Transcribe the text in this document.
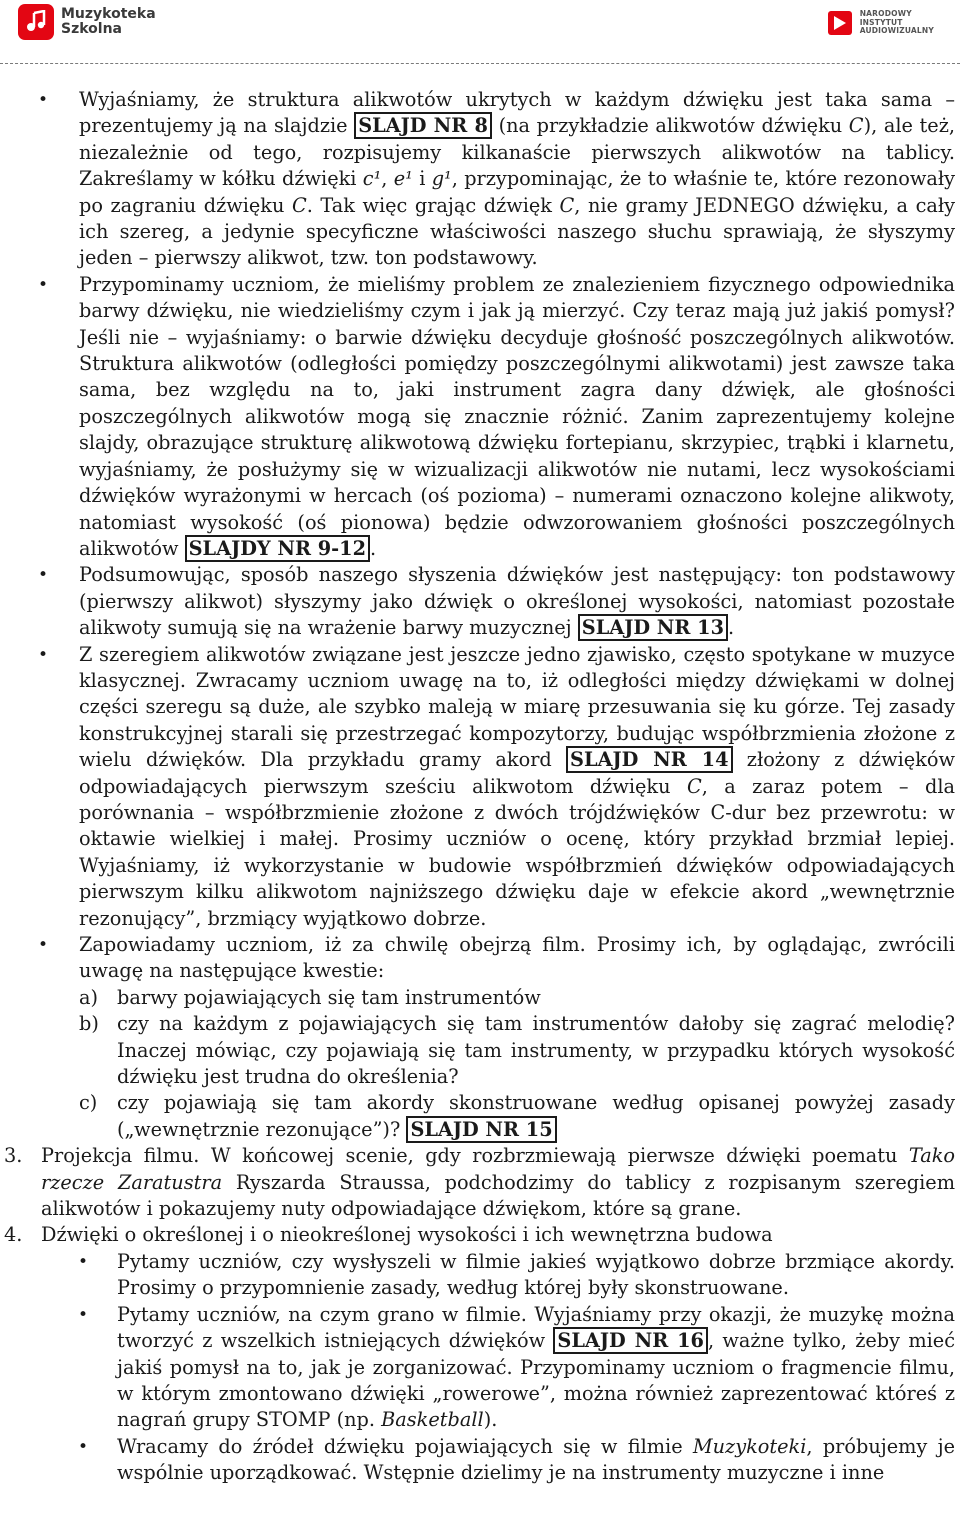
Muzykoteka
Szkolna
NARODOWY
INSTYTUT
AUDIOWIZUALNY
• Wyjaśniamy, że struktura alikwotów ukrytych w każdym dźwięku jest taka sama – prezentujemy ją na slajdzie SLAJD NR 8 (na przykładzie alikwotów dźwięku C), ale też, niezależnie od tego, rozpisujemy kilkanaście pierwszych alikwotów na tablicy. Zakreślamy w kółku dźwięki c¹, e¹ i g¹, przypominając, że to właśnie te, które rezonowały po zagraniu dźwięku C. Tak więc grając dźwięk C, nie gramy JEDNEGO dźwięku, a cały ich szereg, a jedynie specyficzne właściwości naszego słuchu sprawiają, że słyszymy jeden – pierwszy alikwot, tzw. ton podstawowy.
• Przypominamy uczniom, że mieliśmy problem ze znalezieniem fizycznego odpowiednika barwy dźwięku, nie wiedzieliśmy czym i jak ją mierzyć. Czy teraz mają już jakiś pomysł? Jeśli nie – wyjaśniamy: o barwie dźwięku decyduje głośność poszczególnych alikwotów. Struktura alikwotów (odległości pomiędzy poszczególnymi alikwotami) jest zawsze taka sama, bez względu na to, jaki instrument zagra dany dźwięk, ale głośności poszczególnych alikwotów mogą się znacznie różnić. Zanim zaprezentujemy kolejne slajdy, obrazujące strukturę alikwotową dźwięku fortepianu, skrzypiec, trąbki i klarnetu, wyjaśniamy, że posłużymy się w wizualizacji alikwotów nie nutami, lecz wysokościami dźwięków wyrażonymi w hercach (oś pozioma) – numerami oznaczono kolejne alikwoty, natomiast wysokość (oś pionowa) będzie odwzorowaniem głośności poszczególnych alikwotów SLAJDY NR 9-12 .
• Podsumowując, sposób naszego słyszenia dźwięków jest następujący: ton podstawowy (pierwszy alikwot) słyszymy jako dźwięk o określonej wysokości, natomiast pozostałe alikwoty sumują się na wrażenie barwy muzycznej SLAJD NR 13 .
• Z szeregiem alikwotów związane jest jeszcze jedno zjawisko, często spotykane w muzyce klasycznej. Zwracamy uczniom uwagę na to, iż odległości między dźwiękami w dolnej części szeregu są duże, ale szybko maleją w miarę przesuwania się ku górze. Tej zasady konstrukcyjnej starali się przestrzegać kompozytorzy, budując współbrzmienia złożone z wielu dźwięków. Dla przykładu gramy akord SLAJD NR 14 złożony z dźwięków odpowiadających pierwszym sześciu alikwotom dźwięku C, a zaraz potem – dla porównania – współbrzmienie złożone z dwóch trójdźwięków C-dur bez przewrotu: w oktawie wielkiej i małej. Prosimy uczniów o ocenę, który przykład brzmiał lepiej. Wyjaśniamy, iż wykorzystanie w budowie współbrzmień dźwięków odpowiadających pierwszym kilku alikwotom najniższego dźwięku daje w efekcie akord „wewnętrznie rezonujący”, brzmiący wyjątkowo dobrze.
• Zapowiadamy uczniom, iż za chwilę obejrzą film. Prosimy ich, by oglądając, zwrócili uwagę na następujące kwestie:
a) barwy pojawiających się tam instrumentów
b) czy na każdym z pojawiających się tam instrumentów dałoby się zagrać melodię? Inaczej mówiąc, czy pojawiają się tam instrumenty, w przypadku których wysokość dźwięku jest trudna do określenia?
c) czy pojawiają się tam akordy skonstruowane według opisanej powyżej zasady („wewnętrznie rezonujące”)? SLAJD NR 15
3. Projekcja filmu. W końcowej scenie, gdy rozbrzmiewają pierwsze dźwięki poematu Tako rzecze Zaratustra Ryszarda Straussa, podchodzimy do tablicy z rozpisanym szeregiem alikwotów i pokazujemy nuty odpowiadające dźwiękom, które są grane.
4. Dźwięki o określonej i o nieokreślonej wysokości i ich wewnętrzna budowa
• Pytamy uczniów, czy wysłyszeli w filmie jakieś wyjątkowo dobrze brzmiące akordy. Prosimy o przypomnienie zasady, według której były skonstruowane.
• Pytamy uczniów, na czym grano w filmie. Wyjaśniamy przy okazji, że muzykę można tworzyć z wszelkich istniejących dźwięków SLAJD NR 16 , ważne tylko, żeby mieć jakiś pomysł na to, jak je zorganizować. Przypominamy uczniom o fragmencie filmu, w którym zmontowano dźwięki „rowerowe”, można również zaprezentować któreś z nagrań grupy STOMP (np. Basketball).
• Wracamy do źródeł dźwięku pojawiających się w filmie Muzykoteki, próbujemy je wspólnie uporządkować. Wstępnie dzielimy je na instrumenty muzyczne i inne
